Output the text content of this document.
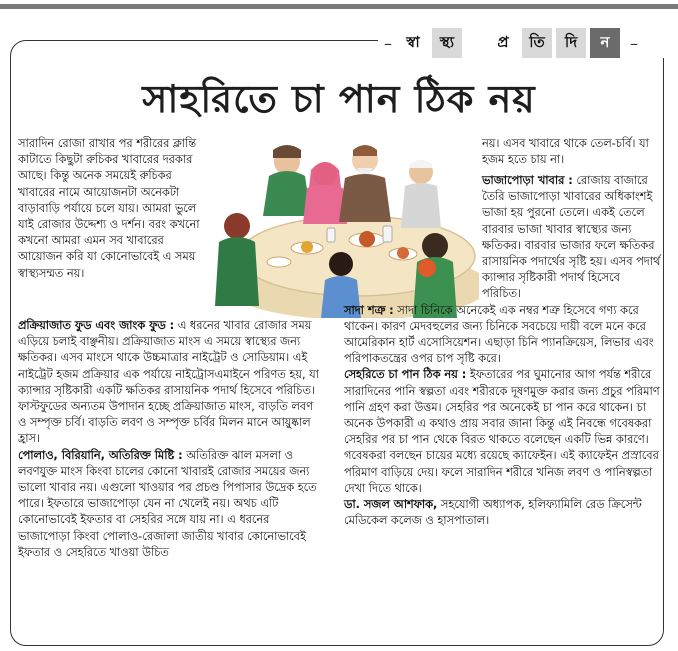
– স্বা	স্থ্য	প্র	তি	দি	ন	–
সাহরিতে চা পান ঠিক নয়

সারাদিন রোজা রাখার পর শরীরের ক্লান্তি কাটাতে কিছুটা রুচিকর খাবারের দরকার আছে। কিন্তু অনেক সময়েই রুচিকর খাবারের নামে আয়োজনটা অনেকটা বাড়াবাড়ি পর্যায়ে চলে যায়। আমরা ভুলে যাই রোজার উদ্দেশ্য ও দর্শন। বরং কখনো কখনো আমরা এমন সব খাবারের আয়োজন করি যা কোনোভাবেই এ সময় স্বাস্থ্যসম্মত নয়।

প্রক্রিয়াজাত ফুড এবং জাংক ফুড : এ ধরনের খাবার রোজার সময় এড়িয়ে চলাই বাঞ্ছনীয়। প্রক্রিয়াজাত মাংস এ সময়ে স্বাস্থ্যের জন্য ক্ষতিকর। এসব মাংসে থাকে উচ্চমাত্রার নাইট্রেট ও সোডিয়াম। এই নাইট্রেট হজম প্রক্রিয়ার এক পর্যায়ে নাইট্রোসএমাইনে পরিণত হয়, যা ক্যান্সার সৃষ্টিকারী একটি ক্ষতিকর রাসায়নিক পদার্থ হিসেবে পরিচিত। ফাস্টফুডের অন্যতম উপাদান হচ্ছে প্রক্রিয়াজাত মাংস, বাড়তি লবণ ও সম্পৃক্ত চর্বি। বাড়তি লবণ ও সম্পৃক্ত চর্বির মিলন মানে আয়ুষ্কাল হ্রাস।

পোলাও, বিরিয়ানি, অতিরিক্ত মিষ্টি : অতিরিক্ত ঝাল মসলা ও লবণযুক্ত মাংস কিংবা চালের কোনো খাবারই রোজার সময়ের জন্য ভালো খাবার নয়। এগুলো খাওয়ার পর প্রচণ্ড পিপাসার উদ্রেক হতে পারে। ইফতারে ভাজাপোড়া যেন না খেলেই নয়। অথচ এটি কোনোভাবেই ইফতার বা সেহরির সঙ্গে যায় না। এ ধরনের ভাজাপোড়া কিংবা পোলাও-রেজালা জাতীয় খাবার কোনোভাবেই ইফতার ও সেহরিতে খাওয়া উচিত

নয়। এসব খাবারে থাকে তেল-চর্বি। যা হজম হতে চায় না।

ভাজাপোড়া খাবার : রোজায় বাজারে তৈরি ভাজাপোড়া খাবারের অধিকাংশই ভাজা হয় পুরনো তেলে। একই তেলে বারবার ভাজা খাবার স্বাস্থ্যের জন্য ক্ষতিকর। বারবার ভাজার ফলে ক্ষতিকর রাসায়নিক পদার্থের সৃষ্টি হয়। এসব পদার্থ ক্যান্সার সৃষ্টিকারী পদার্থ হিসেবে পরিচিত।

সাদা শত্রু : সাদা চিনিকে অনেকেই এক নম্বর শত্রু হিসেবে গণ্য করে থাকেন। কারণ মেদবহুলের জন্য চিনিকে সবচেয়ে দায়ী বলে মনে করে আমেরিকান হার্ট এসোসিয়েশন। এছাড়া চিনি প্যানক্রিয়েস, লিভার এবং পরিপাকতন্ত্রের ওপর চাপ সৃষ্টি করে।

সেহরিতে চা পান ঠিক নয় : ইফতারের পর ঘুমানোর আগ পর্যন্ত শরীরে সারাদিনের পানি স্বল্পতা এবং শরীরকে দূষণমুক্ত করার জন্য প্রচুর পরিমাণ পানি গ্রহণ করা উত্তম। সেহরির পর অনেকেই চা পান করে থাকেন। চা অনেক উপকারী এ কথাও প্রায় সবার জানা কিন্তু এই নিবন্ধে গবেষকরা সেহরির পর চা পান থেকে বিরত থাকতে বলেছেন একটি ভিন্ন কারণে। গবেষকরা বলছেন চায়ের মধ্যে রয়েছে ক্যাফেইন। এই ক্যাফেইন প্রস্রাবের পরিমাণ বাড়িয়ে দেয়। ফলে সারাদিন শরীরে খনিজ লবণ ও পানিস্বল্পতা দেখা দিতে থাকে।

ডা. সজল আশফাক, সহযোগী অধ্যাপক, হলিফ্যামিলি রেড ক্রিসেন্ট মেডিকেল কলেজ ও হাসপাতাল।
